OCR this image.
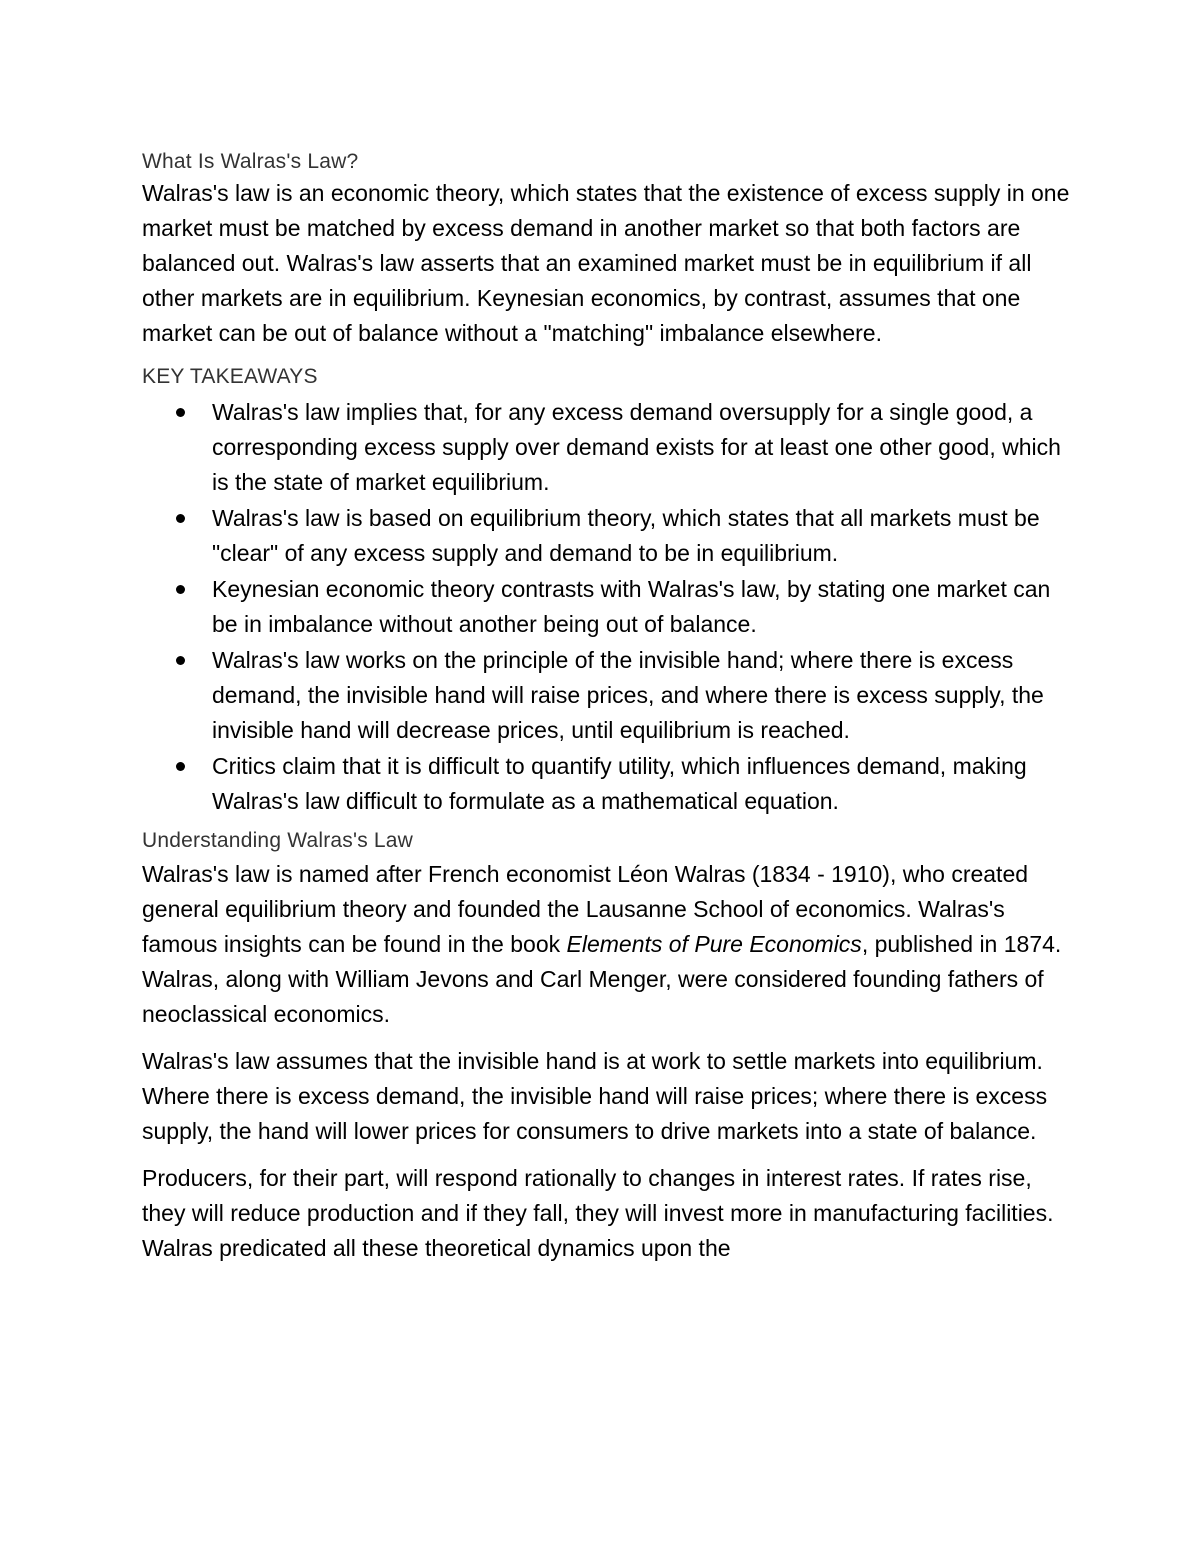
What Is Walras's Law?

Walras's law is an economic theory, which states that the existence of excess supply in one market must be matched by excess demand in another market so that both factors are balanced out. Walras's law asserts that an examined market must be in equilibrium if all other markets are in equilibrium. Keynesian economics, by contrast, assumes that one market can be out of balance without a "matching" imbalance elsewhere.

KEY TAKEAWAYS
Walras's law implies that, for any excess demand oversupply for a single good, a corresponding excess supply over demand exists for at least one other good, which is the state of market equilibrium.
Walras's law is based on equilibrium theory, which states that all markets must be "clear" of any excess supply and demand to be in equilibrium.
Keynesian economic theory contrasts with Walras's law, by stating one market can be in imbalance without another being out of balance.
Walras's law works on the principle of the invisible hand; where there is excess demand, the invisible hand will raise prices, and where there is excess supply, the invisible hand will decrease prices, until equilibrium is reached.
Critics claim that it is difficult to quantify utility, which influences demand, making Walras's law difficult to formulate as a mathematical equation.
Understanding Walras's Law

Walras's law is named after French economist Léon Walras (1834 - 1910), who created general equilibrium theory and founded the Lausanne School of economics. Walras's famous insights can be found in the book Elements of Pure Economics, published in 1874. Walras, along with William Jevons and Carl Menger, were considered founding fathers of neoclassical economics.

Walras's law assumes that the invisible hand is at work to settle markets into equilibrium. Where there is excess demand, the invisible hand will raise prices; where there is excess supply, the hand will lower prices for consumers to drive markets into a state of balance.

Producers, for their part, will respond rationally to changes in interest rates. If rates rise, they will reduce production and if they fall, they will invest more in manufacturing facilities. Walras predicated all these theoretical dynamics upon the
